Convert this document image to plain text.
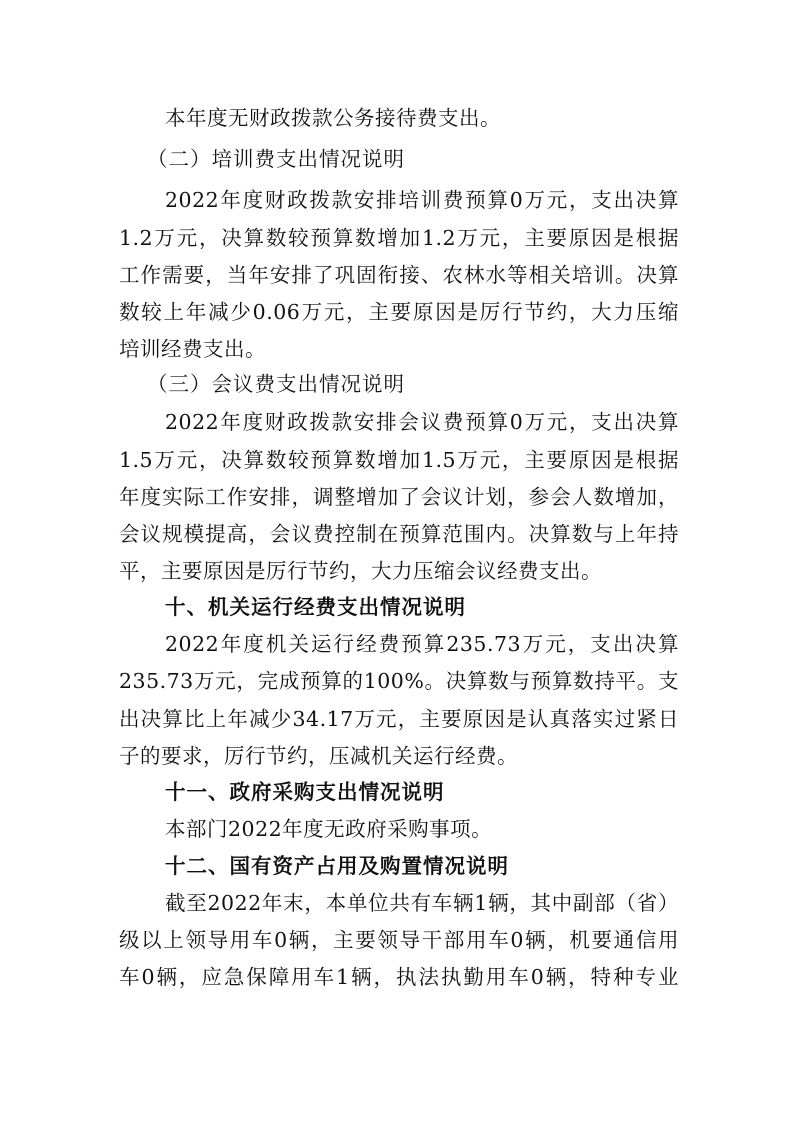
本年度无财政拨款公务接待费支出。
（二）培训费支出情况说明
2022年度财政拨款安排培训费预算0万元，支出决算
1.2万元，决算数较预算数增加1.2万元，主要原因是根据
工作需要，当年安排了巩固衔接、农林水等相关培训。决算
数较上年减少0.06万元，主要原因是厉行节约，大力压缩
培训经费支出。
（三）会议费支出情况说明
2022年度财政拨款安排会议费预算0万元，支出决算
1.5万元，决算数较预算数增加1.5万元，主要原因是根据
年度实际工作安排，调整增加了会议计划，参会人数增加，
会议规模提高，会议费控制在预算范围内。决算数与上年持
平，主要原因是厉行节约，大力压缩会议经费支出。
十、机关运行经费支出情况说明
2022年度机关运行经费预算235.73万元，支出决算
235.73万元，完成预算的100%。决算数与预算数持平。支
出决算比上年减少34.17万元，主要原因是认真落实过紧日
子的要求，厉行节约，压减机关运行经费。
十一、政府采购支出情况说明
本部门2022年度无政府采购事项。
十二、国有资产占用及购置情况说明
截至2022年末，本单位共有车辆1辆，其中副部（省）
级以上领导用车0辆，主要领导干部用车0辆，机要通信用
车0辆，应急保障用车1辆，执法执勤用车0辆，特种专业
